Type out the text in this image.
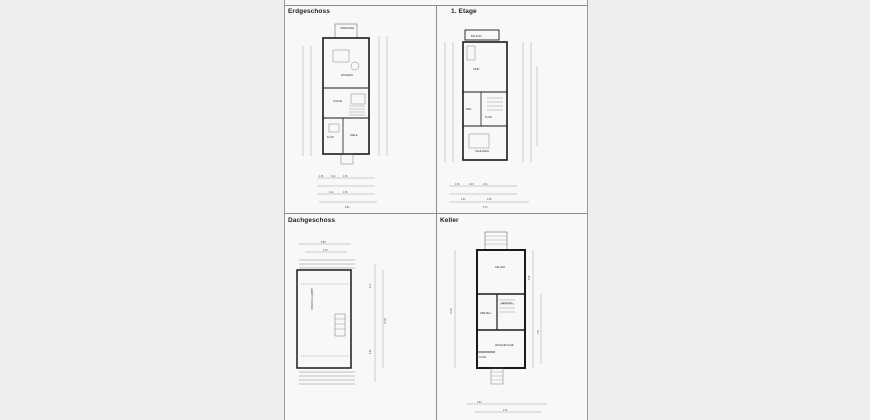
Erdgeschoss
TERRASSE
WOHNEN
KÜCHE
FLUR
DIELE
1.51	3.41	1.26
1.11	1.26
5.61
1. Etage
BALKON
KIND
BAD
FLUR
SCHLAFEN
1.30	1.30	1.31
1.01	1.50
5.72
Dachgeschoss
5.86
4.70
STUDIO & HOBBY
2.10
10.99
4.40
Keller
KELLER
HEIZUNG
ABSTELL
WASCHKÜCHE
FLUR
10.99
5.05
3.51
3.63
2.15
